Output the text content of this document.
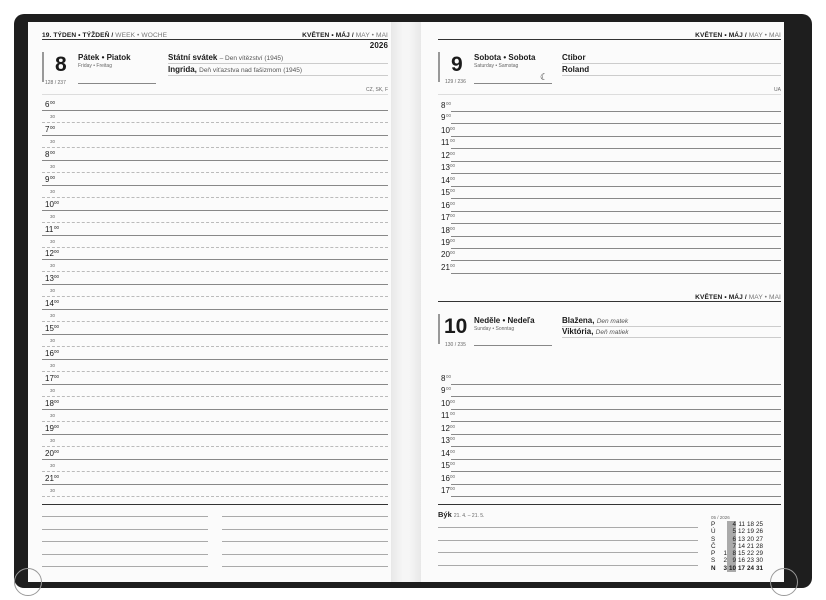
19. TÝDEN • TÝŽDEŇ / WEEK • WOCHE	KVĚTEN • MÁJ / MAY • MAI
2026
8 Pátek • Piatok
Friday • Freitag
128 / 237
Státní svátek – Den vítězství (1945)
Ingrida, Deň víťazstva nad fašizmom (1945)
CZ, SK, F
6 00
30
7 00
30
8 00
30
9 00
30
10 00
30
11 00
30
12 00
30
13 00
30
14 00
30
15 00
30
16 00
30
17 00
30
18 00
30
19 00
30
20 00
30
21 00
30
KVĚTEN • MÁJ / MAY • MAI
9 Sobota • Sobota
Saturday • Samstag
129 / 236	☾
Ctibor
Roland
UA
8 00
9 00
10 00
11 00
12 00
13 00
14 00
15 00
16 00
17 00
18 00
19 00
20 00
21 00
KVĚTEN • MÁJ / MAY • MAI
10 Neděle • Nedeľa
Sunday • Sonntag
130 / 235
Blažena, Den matek
Viktória, Deň matiek
8 00
9 00
10 00
11 00
12 00
13 00
14 00
15 00
16 00
17 00
Býk 21. 4. – 21. 5.	05 / 2026
P	4 11 18 25
Ú	5 12 19 26
S	6 13 20 27
Č	7 14 21 28
P	1 8 15 22 29
S	2 9 16 23 30
N	3 10 17 24 31
